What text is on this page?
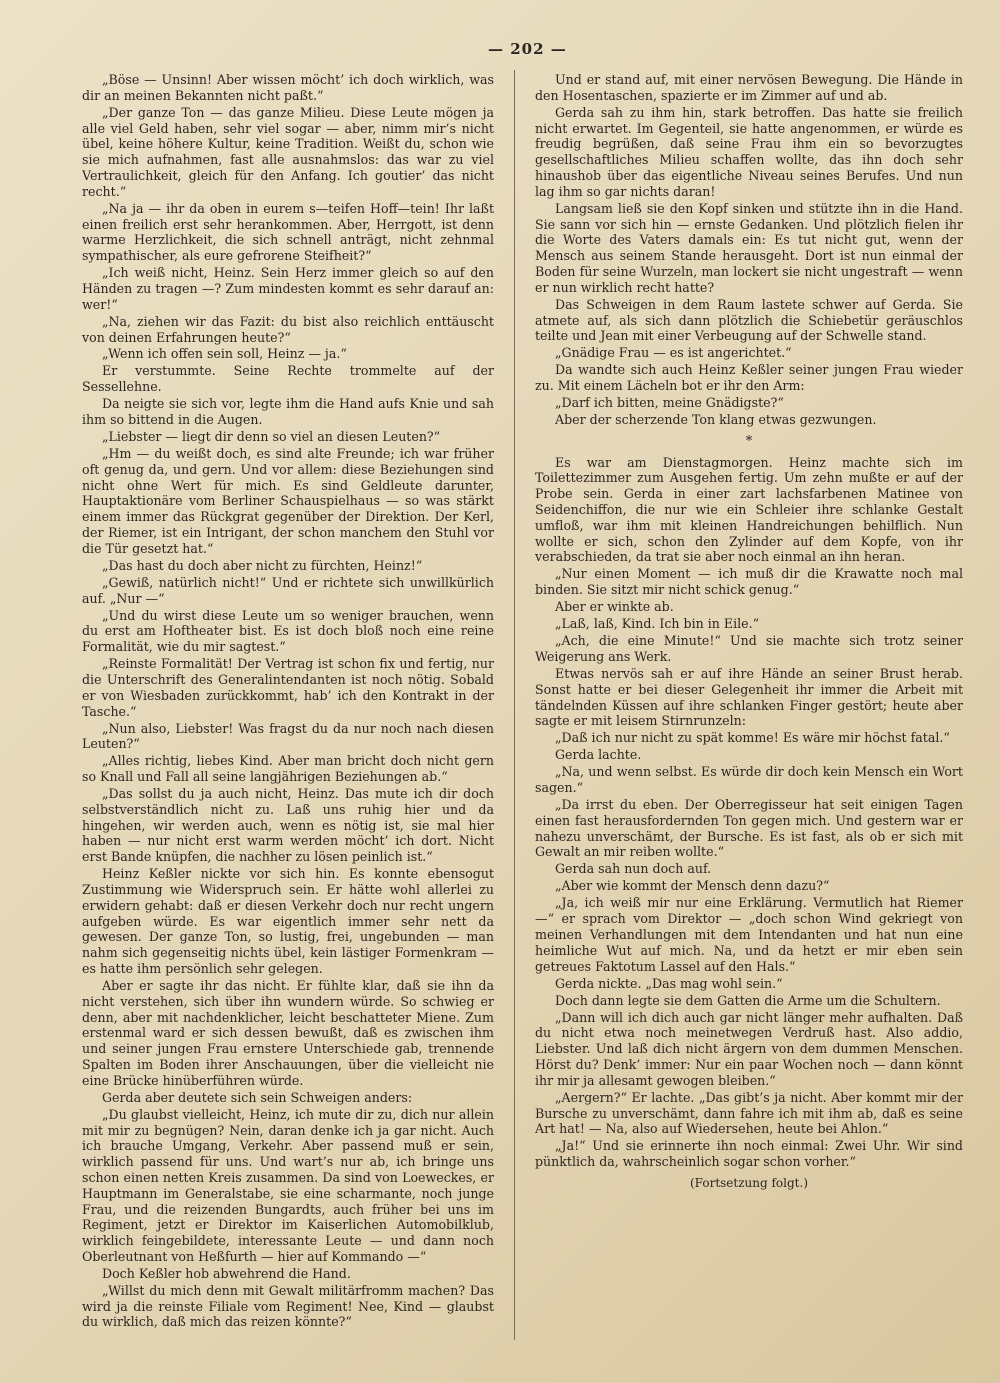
— 202 —

„Böse — Unsinn! Aber wissen möcht’ ich doch wirklich, was dir an meinen Bekannten nicht paßt.“

„Der ganze Ton — das ganze Milieu. Diese Leute mögen ja alle viel Geld haben, sehr viel sogar — aber, nimm mir’s nicht übel, keine höhere Kultur, keine Tradition. Weißt du, schon wie sie mich aufnahmen, fast alle ausnahmslos: das war zu viel Vertraulichkeit, gleich für den Anfang. Ich goutier’ das nicht recht.“

„Na ja — ihr da oben in eurem s—teifen Hoff—tein! Ihr laßt einen freilich erst sehr herankommen. Aber, Herrgott, ist denn warme Herzlichkeit, die sich schnell anträgt, nicht zehnmal sympathischer, als eure gefrorene Steifheit?“

„Ich weiß nicht, Heinz. Sein Herz immer gleich so auf den Händen zu tragen —? Zum mindesten kommt es sehr darauf an: wer!“

„Na, ziehen wir das Fazit: du bist also reichlich enttäuscht von deinen Erfahrungen heute?“

„Wenn ich offen sein soll, Heinz — ja.“

Er verstummte. Seine Rechte trommelte auf der Sessellehne.

Da neigte sie sich vor, legte ihm die Hand aufs Knie und sah ihm so bittend in die Augen.

„Liebster — liegt dir denn so viel an diesen Leuten?“

„Hm — du weißt doch, es sind alte Freunde; ich war früher oft genug da, und gern. Und vor allem: diese Beziehungen sind nicht ohne Wert für mich. Es sind Geldleute darunter, Hauptaktionäre vom Berliner Schauspielhaus — so was stärkt einem immer das Rückgrat gegenüber der Direktion. Der Kerl, der Riemer, ist ein Intrigant, der schon manchem den Stuhl vor die Tür gesetzt hat.“

„Das hast du doch aber nicht zu fürchten, Heinz!“

„Gewiß, natürlich nicht!“ Und er richtete sich unwillkürlich auf. „Nur —“

„Und du wirst diese Leute um so weniger brauchen, wenn du erst am Hoftheater bist. Es ist doch bloß noch eine reine Formalität, wie du mir sagtest.“

„Reinste Formalität! Der Vertrag ist schon fix und fertig, nur die Unterschrift des Generalintendanten ist noch nötig. Sobald er von Wiesbaden zurückkommt, hab’ ich den Kontrakt in der Tasche.“

„Nun also, Liebster! Was fragst du da nur noch nach diesen Leuten?“

„Alles richtig, liebes Kind. Aber man bricht doch nicht gern so Knall und Fall all seine langjährigen Beziehungen ab.“

„Das sollst du ja auch nicht, Heinz. Das mute ich dir doch selbstverständlich nicht zu. Laß uns ruhig hier und da hingehen, wir werden auch, wenn es nötig ist, sie mal hier haben — nur nicht erst warm werden möcht’ ich dort. Nicht erst Bande knüpfen, die nachher zu lösen peinlich ist.“

Heinz Keßler nickte vor sich hin. Es konnte ebensogut Zustimmung wie Widerspruch sein. Er hätte wohl allerlei zu erwidern gehabt: daß er diesen Verkehr doch nur recht ungern aufgeben würde. Es war eigentlich immer sehr nett da gewesen. Der ganze Ton, so lustig, frei, ungebunden — man nahm sich gegenseitig nichts übel, kein lästiger Formenkram — es hatte ihm persönlich sehr gelegen.

Aber er sagte ihr das nicht. Er fühlte klar, daß sie ihn da nicht verstehen, sich über ihn wundern würde. So schwieg er denn, aber mit nachdenklicher, leicht beschatteter Miene. Zum erstenmal ward er sich dessen bewußt, daß es zwischen ihm und seiner jungen Frau ernstere Unterschiede gab, trennende Spalten im Boden ihrer Anschauungen, über die vielleicht nie eine Brücke hinüberführen würde.

Gerda aber deutete sich sein Schweigen anders:

„Du glaubst vielleicht, Heinz, ich mute dir zu, dich nur allein mit mir zu begnügen? Nein, daran denke ich ja gar nicht. Auch ich brauche Umgang, Verkehr. Aber passend muß er sein, wirklich passend für uns. Und wart’s nur ab, ich bringe uns schon einen netten Kreis zusammen. Da sind von Loeweckes, er Hauptmann im Generalstabe, sie eine scharmante, noch junge Frau, und die reizenden Bungardts, auch früher bei uns im Regiment, jetzt er Direktor im Kaiserlichen Automobilklub, wirklich feingebildete, interessante Leute — und dann noch Oberleutnant von Heßfurth — hier auf Kommando —“

Doch Keßler hob abwehrend die Hand.

„Willst du mich denn mit Gewalt militärfromm machen? Das wird ja die reinste Filiale vom Regiment! Nee, Kind — glaubst du wirklich, daß mich das reizen könnte?“

Und er stand auf, mit einer nervösen Bewegung. Die Hände in den Hosentaschen, spazierte er im Zimmer auf und ab.

Gerda sah zu ihm hin, stark betroffen. Das hatte sie freilich nicht erwartet. Im Gegenteil, sie hatte angenommen, er würde es freudig begrüßen, daß seine Frau ihm ein so bevorzugtes gesellschaftliches Milieu schaffen wollte, das ihn doch sehr hinaushob über das eigentliche Niveau seines Berufes. Und nun lag ihm so gar nichts daran!

Langsam ließ sie den Kopf sinken und stützte ihn in die Hand. Sie sann vor sich hin — ernste Gedanken. Und plötzlich fielen ihr die Worte des Vaters damals ein: Es tut nicht gut, wenn der Mensch aus seinem Stande herausgeht. Dort ist nun einmal der Boden für seine Wurzeln, man lockert sie nicht ungestraft — wenn er nun wirklich recht hatte?

Das Schweigen in dem Raum lastete schwer auf Gerda. Sie atmete auf, als sich dann plötzlich die Schiebetür geräuschlos teilte und Jean mit einer Verbeugung auf der Schwelle stand.

„Gnädige Frau — es ist angerichtet.“

Da wandte sich auch Heinz Keßler seiner jungen Frau wieder zu. Mit einem Lächeln bot er ihr den Arm:

„Darf ich bitten, meine Gnädigste?“

Aber der scherzende Ton klang etwas gezwungen.

*

Es war am Dienstagmorgen. Heinz machte sich im Toilettezimmer zum Ausgehen fertig. Um zehn mußte er auf der Probe sein. Gerda in einer zart lachsfarbenen Matinee von Seidenchiffon, die nur wie ein Schleier ihre schlanke Gestalt umfloß, war ihm mit kleinen Handreichungen behilflich. Nun wollte er sich, schon den Zylinder auf dem Kopfe, von ihr verabschieden, da trat sie aber noch einmal an ihn heran.

„Nur einen Moment — ich muß dir die Krawatte noch mal binden. Sie sitzt mir nicht schick genug.“

Aber er winkte ab.

„Laß, laß, Kind. Ich bin in Eile.“

„Ach, die eine Minute!“ Und sie machte sich trotz seiner Weigerung ans Werk.

Etwas nervös sah er auf ihre Hände an seiner Brust herab. Sonst hatte er bei dieser Gelegenheit ihr immer die Arbeit mit tändelnden Küssen auf ihre schlanken Finger gestört; heute aber sagte er mit leisem Stirnrunzeln:

„Daß ich nur nicht zu spät komme! Es wäre mir höchst fatal.“

Gerda lachte.

„Na, und wenn selbst. Es würde dir doch kein Mensch ein Wort sagen.“

„Da irrst du eben. Der Oberregisseur hat seit einigen Tagen einen fast herausfordernden Ton gegen mich. Und gestern war er nahezu unverschämt, der Bursche. Es ist fast, als ob er sich mit Gewalt an mir reiben wollte.“

Gerda sah nun doch auf.

„Aber wie kommt der Mensch denn dazu?“

„Ja, ich weiß mir nur eine Erklärung. Vermutlich hat Riemer —“ er sprach vom Direktor — „doch schon Wind gekriegt von meinen Verhandlungen mit dem Intendanten und hat nun eine heimliche Wut auf mich. Na, und da hetzt er mir eben sein getreues Faktotum Lassel auf den Hals.“

Gerda nickte. „Das mag wohl sein.“

Doch dann legte sie dem Gatten die Arme um die Schultern.

„Dann will ich dich auch gar nicht länger mehr aufhalten. Daß du nicht etwa noch meinetwegen Verdruß hast. Also addio, Liebster. Und laß dich nicht ärgern von dem dummen Menschen. Hörst du? Denk’ immer: Nur ein paar Wochen noch — dann könnt ihr mir ja allesamt gewogen bleiben.“

„Aergern?“ Er lachte. „Das gibt’s ja nicht. Aber kommt mir der Bursche zu unverschämt, dann fahre ich mit ihm ab, daß es seine Art hat! — Na, also auf Wiedersehen, heute bei Ahlon.“

„Ja!“ Und sie erinnerte ihn noch einmal: Zwei Uhr. Wir sind pünktlich da, wahrscheinlich sogar schon vorher.“

(Fortsetzung folgt.)
